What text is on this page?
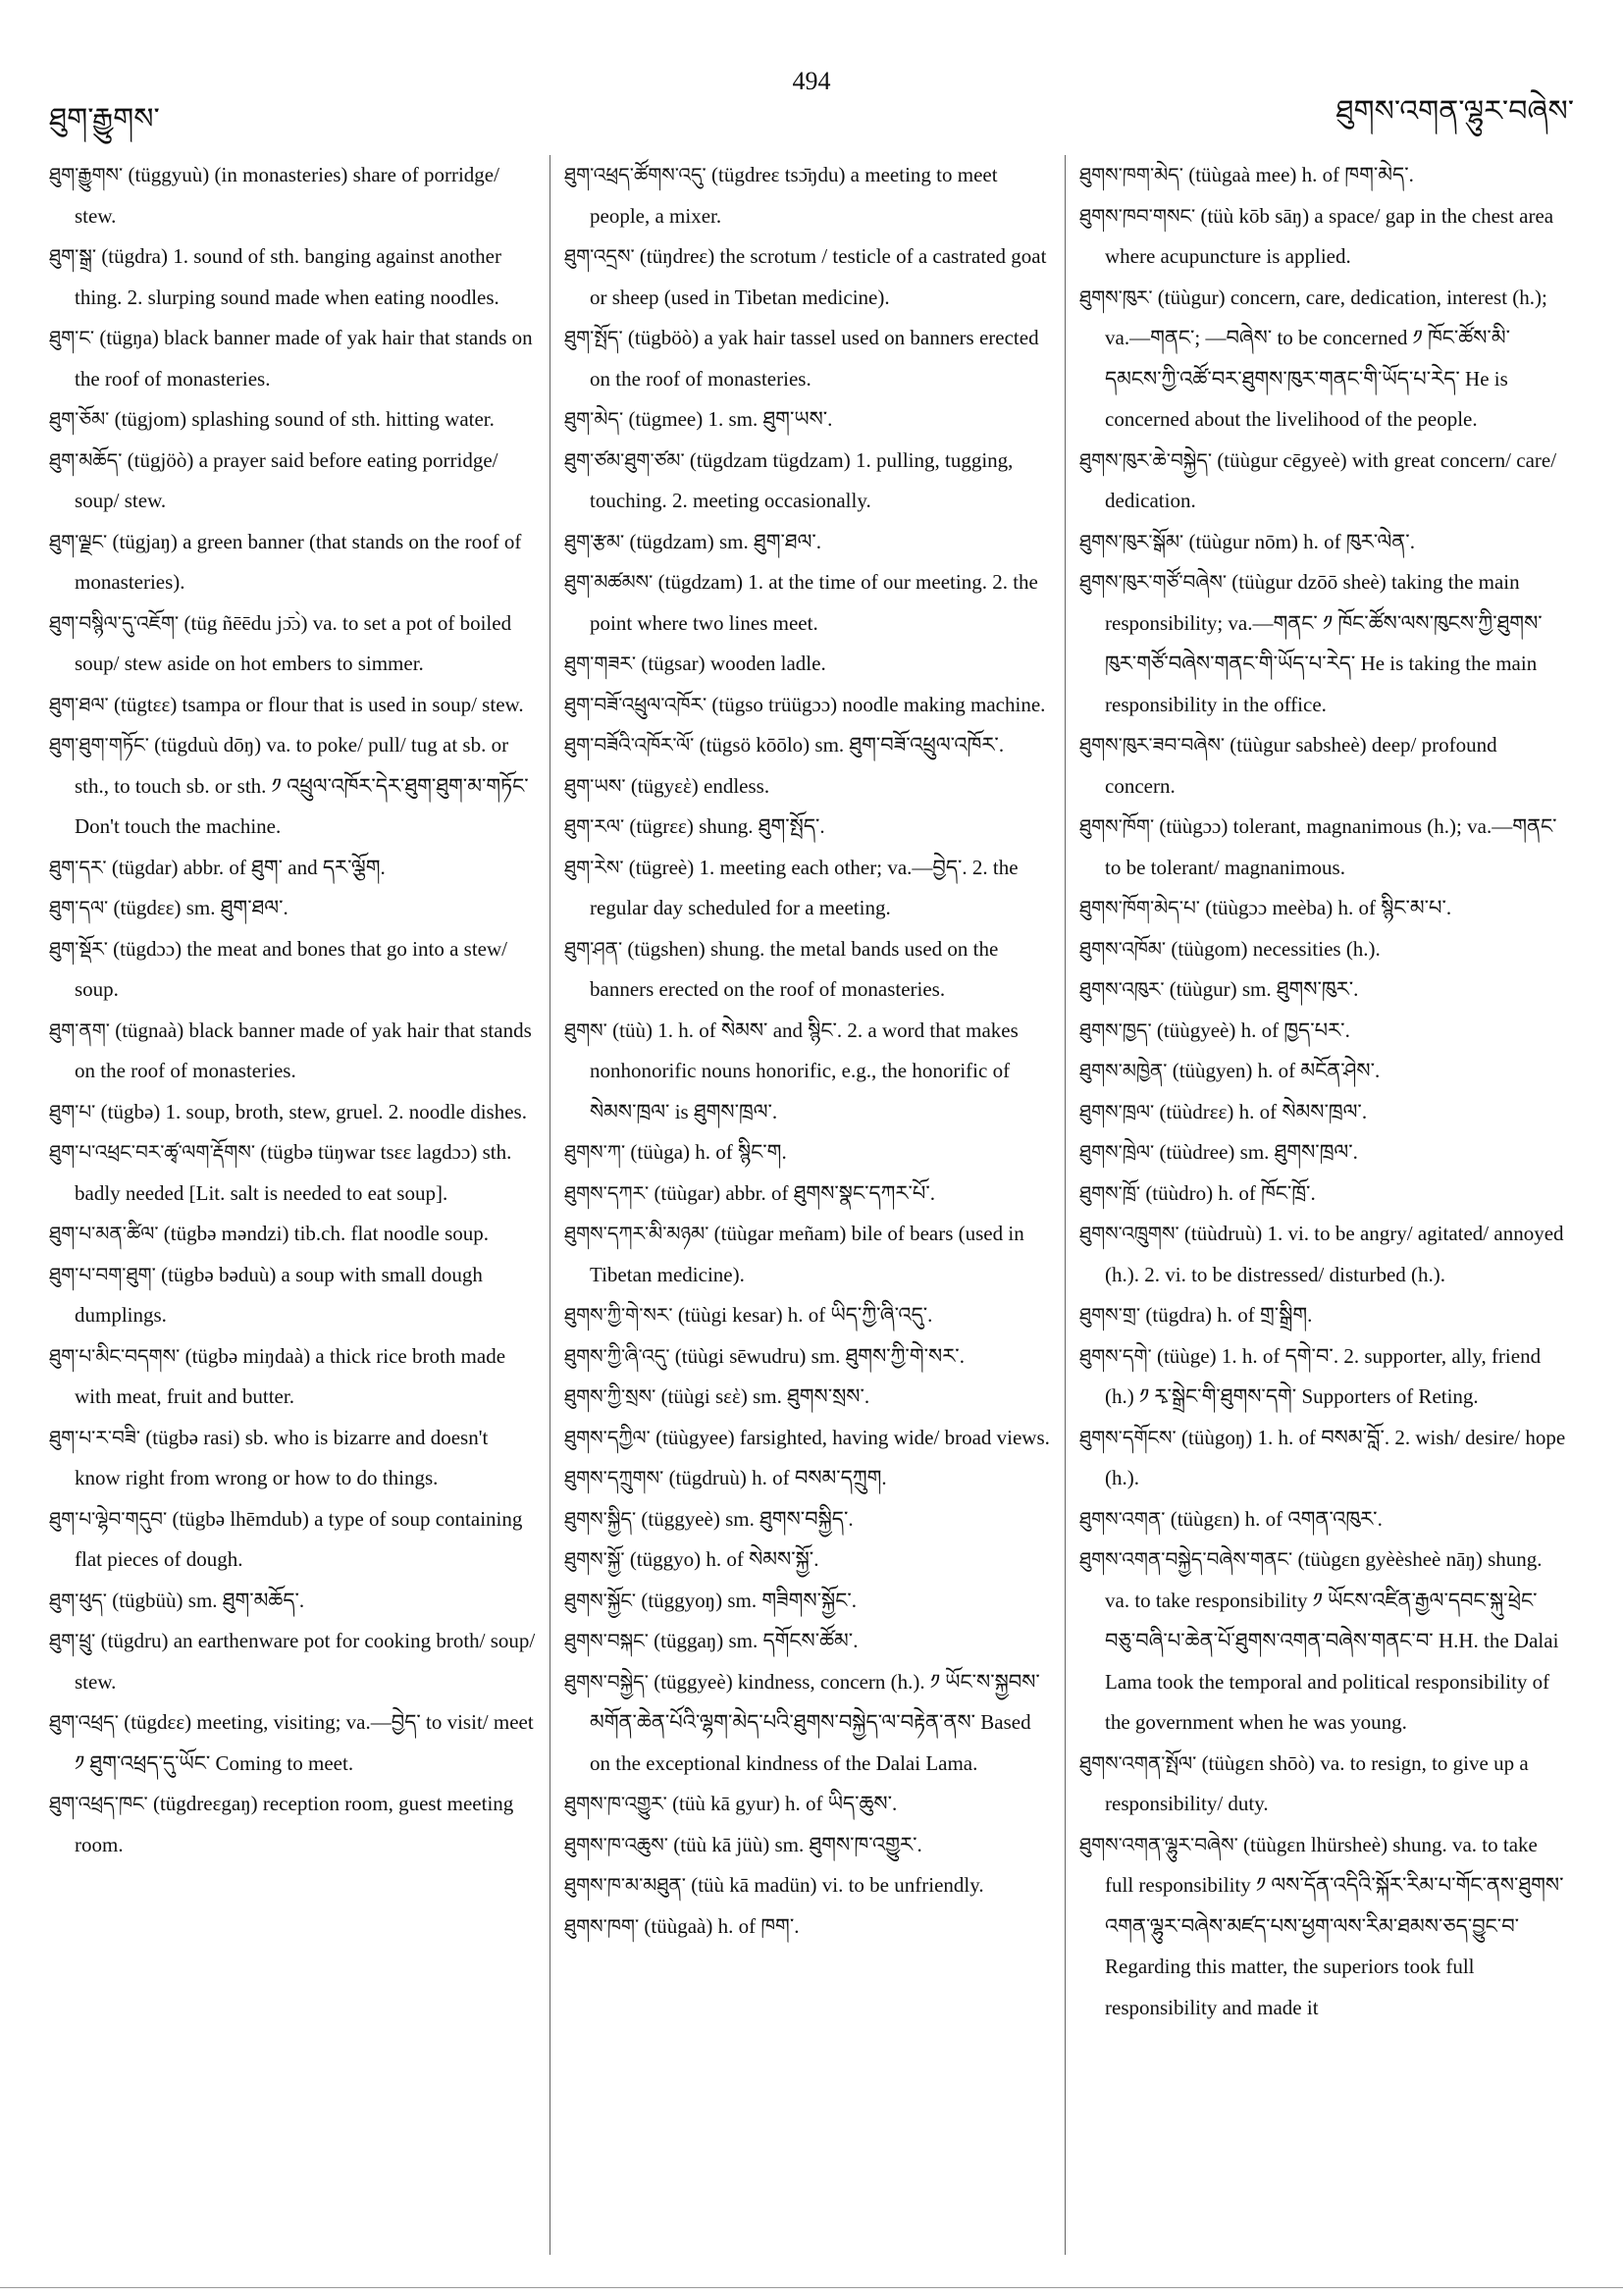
494
ཐུག་རྒྱུགས་	ཐུགས་འགན་ལྷུར་བཞེས་

ཐུག་རྒྱུགས་ (tüggyuù) (in monasteries) share of porridge/ stew.

ཐུག་སྒྲ་ (tügdra) 1. sound of sth. banging against another thing. 2. slurping sound made when eating noodles.

ཐུག་ང་ (tügŋa) black banner made of yak hair that stands on the roof of monasteries.

ཐུག་ཅོམ་ (tügjom) splashing sound of sth. hitting water.

ཐུག་མཆོད་ (tügjöò) a prayer said before eating porridge/ soup/ stew.

ཐུག་ལྗང་ (tügjaŋ) a green banner (that stands on the roof of monasteries).

ཐུག་བསྙིལ་དུ་འཇོག་ (tüg ñēēdu jɔ̄ɔ̀) va. to set a pot of boiled soup/ stew aside on hot embers to simmer.

ཐུག་ཐལ་ (tügtεε) tsampa or flour that is used in soup/ stew.

ཐུག་ཐུག་གཏོང་ (tügduù dōŋ) va. to poke/ pull/ tug at sb. or sth., to touch sb. or sth. ༡ འཕྲུལ་འཁོར་དེར་ཐུག་ཐུག་མ་གཏོང་ Don't touch the machine.

ཐུག་དར་ (tügdar) abbr. of ཐུག་ and དར་ལྕོག.

ཐུག་དལ་ (tügdεε) sm. ཐུག་ཐལ་.

ཐུག་སྡོར་ (tügdɔɔ) the meat and bones that go into a stew/ soup.

ཐུག་ནག་ (tügnaà) black banner made of yak hair that stands on the roof of monasteries.

ཐུག་པ་ (tügbə) 1. soup, broth, stew, gruel. 2. noodle dishes.

ཐུག་པ་འཕྲང་བར་ཚྭ་ལག་རྡོགས་ (tügbə tüŋwar tsεε lagdɔɔ) sth. badly needed [Lit. salt is needed to eat soup].

ཐུག་པ་མན་ཚིལ་ (tügbə məndzi) tib.ch. flat noodle soup.

ཐུག་པ་བག་ཐུག་ (tügbə bəduù) a soup with small dough dumplings.

ཐུག་པ་མིང་བདགས་ (tügbə miŋdaà) a thick rice broth made with meat, fruit and butter.

ཐུག་པ་ར་བཟི་ (tügbə rasi) sb. who is bizarre and doesn't know right from wrong or how to do things.

ཐུག་པ་ལྷེབ་གདུབ་ (tügbə lhēmdub) a type of soup containing flat pieces of dough.

ཐུག་ཕུད་ (tügbüù) sm. ཐུག་མཆོད་.

ཐུག་ཕྲུ་ (tügdru) an earthenware pot for cooking broth/ soup/ stew.

ཐུག་འཕྲད་ (tügdεε) meeting, visiting; va.—བྱེད་ to visit/ meet ༡ ཐུག་འཕྲད་དུ་ཡོང་ Coming to meet.

ཐུག་འཕྲད་ཁང་ (tügdreεgaŋ) reception room, guest meeting room.

ཐུག་འཕྲད་ཚོགས་འདུ་ (tügdreε tsɔ̄ŋdu) a meeting to meet people, a mixer.

ཐུག་འདྲས་ (tüŋdreε) the scrotum / testicle of a castrated goat or sheep (used in Tibetan medicine).

ཐུག་སྤོད་ (tügböò) a yak hair tassel used on banners erected on the roof of monasteries.

ཐུག་མེད་ (tügmee) 1. sm. ཐུག་ཡས་.

ཐུག་ཙམ་ཐུག་ཙམ་ (tügdzam tügdzam) 1. pulling, tugging, touching. 2. meeting occasionally.

ཐུག་རྩམ་ (tügdzam) sm. ཐུག་ཐལ་.

ཐུག་མཚམས་ (tügdzam) 1. at the time of our meeting. 2. the point where two lines meet.

ཐུག་གཟར་ (tügsar) wooden ladle.

ཐུག་བཟོ་འཕྲུལ་འཁོར་ (tügso trüügɔɔ) noodle making machine.

ཐུག་བཟོའི་འཁོར་ལོ་ (tügsö kōōlo) sm. ཐུག་བཟོ་འཕྲུལ་འཁོར་.

ཐུག་ཡས་ (tügyεὲ) endless.

ཐུག་རལ་ (tügrεε) shung. ཐུག་སྤོད་.

ཐུག་རེས་ (tügreè) 1. meeting each other; va.—བྱེད་. 2. the regular day scheduled for a meeting.

ཐུག་ཤན་ (tügshen) shung. the metal bands used on the banners erected on the roof of monasteries.

ཐུགས་ (tüù) 1. h. of སེམས་ and སྙིང་. 2. a word that makes nonhonorific nouns honorific, e.g., the honorific of སེམས་ཁྲལ་ is ཐུགས་ཁྲལ་.

ཐུགས་ཀ་ (tüùga) h. of སྙིང་ག.

ཐུགས་དཀར་ (tüùgar) abbr. of ཐུགས་སྣང་དཀར་པོ་.

ཐུགས་དཀར་མི་མཉམ་ (tüùgar meñam) bile of bears (used in Tibetan medicine).

ཐུགས་ཀྱི་གེ་སར་ (tüùgi kesar) h. of ཡིད་ཀྱི་ཞི་འདུ་.

ཐུགས་ཀྱི་ཞི་འདུ་ (tüùgi sēwudru) sm. ཐུགས་ཀྱི་གེ་སར་.

ཐུགས་ཀྱི་སྲས་ (tüùgi sεὲ) sm. ཐུགས་སྲས་.

ཐུགས་དཀྱིལ་ (tüùgyee) farsighted, having wide/ broad views.

ཐུགས་དཀྲུགས་ (tügdruù) h. of བསམ་དཀྲུག.

ཐུགས་སྐྱིད་ (tüggyeè) sm. ཐུགས་བསྐྱིད་.

ཐུགས་སྐྱོ་ (tüggyo) h. of སེམས་སྐྱོ་.

ཐུགས་སྐྱོང་ (tüggyoŋ) sm. གཟིགས་སྐྱོང་.

ཐུགས་བསྐང་ (tüggaŋ) sm. དགོངས་ཚོམ་.

ཐུགས་བསྐྱེད་ (tüggyeè) kindness, concern (h.). ༡ ཡོང་ས་སྐྱབས་མགོན་ཆེན་པོའི་ལྷག་མེད་པའི་ཐུགས་བསྐྱེད་ལ་བརྟེན་ནས་ Based on the exceptional kindness of the Dalai Lama.

ཐུགས་ཁ་འགྱུར་ (tüù kā gyur) h. of ཡིད་ཆུས་.

ཐུགས་ཁ་འཆུས་ (tüù kā jüù) sm. ཐུགས་ཁ་འགྱུར་.

ཐུགས་ཁ་མ་མཐུན་ (tüù kā madün) vi. to be unfriendly.

ཐུགས་ཁག་ (tüùgaà) h. of ཁག་.

ཐུགས་ཁག་མེད་ (tüùgaà mee) h. of ཁག་མེད་.

ཐུགས་ཁབ་གསང་ (tüù kōb sāŋ) a space/ gap in the chest area where acupuncture is applied.

ཐུགས་ཁུར་ (tüùgur) concern, care, dedication, interest (h.); va.—གནང་; —བཞེས་ to be concerned ༡ ཁོང་ཚོས་མི་དམངས་ཀྱི་འཚོ་བར་ཐུགས་ཁུར་གནང་གི་ཡོད་པ་རེད་ He is concerned about the livelihood of the people.

ཐུགས་ཁུར་ཆེ་བསྐྱེད་ (tüùgur cēgyeè) with great concern/ care/ dedication.

ཐུགས་ཁུར་སྒོམ་ (tüùgur nōm) h. of ཁུར་ལེན་.

ཐུགས་ཁུར་གཙོ་བཞེས་ (tüùgur dzōō sheè) taking the main responsibility; va.—གནང་ ༡ ཁོང་ཚོས་ལས་ཁུངས་ཀྱི་ཐུགས་ཁུར་གཙོ་བཞེས་གནང་གི་ཡོད་པ་རེད་ He is taking the main responsibility in the office.

ཐུགས་ཁུར་ཟབ་བཞེས་ (tüùgur sabsheè) deep/ profound concern.

ཐུགས་ཁོག་ (tüùgɔɔ) tolerant, magnanimous (h.); va.—གནང་ to be tolerant/ magnanimous.

ཐུགས་ཁོག་མེད་པ་ (tüùgɔɔ meèba) h. of སྙིང་མ་པ་.

ཐུགས་འཁོམ་ (tüùgom) necessities (h.).

ཐུགས་འཁུར་ (tüùgur) sm. ཐུགས་ཁུར་.

ཐུགས་ཁྱད་ (tüùgyeè) h. of ཁྱད་པར་.

ཐུགས་མཁྱེན་ (tüùgyen) h. of མངོན་ཤེས་.

ཐུགས་ཁྲལ་ (tüùdrεε) h. of སེམས་ཁྲལ་.

ཐུགས་ཁྲེལ་ (tüùdree) sm. ཐུགས་ཁྲལ་.

ཐུགས་ཁྲོ་ (tüùdro) h. of ཁོང་ཁྲོ་.

ཐུགས་འཁྲུགས་ (tüùdruù) 1. vi. to be angry/ agitated/ annoyed (h.). 2. vi. to be distressed/ disturbed (h.).

ཐུགས་གྲ་ (tügdra) h. of གྲ་སྒྲིག.

ཐུགས་དགེ་ (tüùge) 1. h. of དགེ་བ་. 2. supporter, ally, friend (h.) ༡ རྭ་སྒྲེང་གི་ཐུགས་དགེ་ Supporters of Reting.

ཐུགས་དགོངས་ (tüùgoŋ) 1. h. of བསམ་བློ་. 2. wish/ desire/ hope (h.).

ཐུགས་འགན་ (tüùgεn) h. of འགན་འཁུར་.

ཐུགས་འགན་བསྐྱེད་བཞེས་གནང་ (tüùgεn gyèèsheè nāŋ) shung. va. to take responsibility ༡ ཡོངས་འཛིན་རྒྱལ་དབང་སྐུ་ཕྲེང་བཅུ་བཞི་པ་ཆེན་པོ་ཐུགས་འགན་བཞེས་གནང་བ་ H.H. the Dalai Lama took the temporal and political responsibility of the government when he was young.

ཐུགས་འགན་སྤོལ་ (tüùgεn shōò) va. to resign, to give up a responsibility/ duty.

ཐུགས་འགན་ལྷུར་བཞེས་ (tüùgεn lhürsheè) shung. va. to take full responsibility ༡ ལས་དོན་འདིའི་སྐོར་རིམ་པ་གོང་ནས་ཐུགས་འགན་ལྷུར་བཞེས་མཛད་པས་ཕྱག་ལས་རིམ་ཐམས་ཅད་བྱུང་བ་ Regarding this matter, the superiors took full responsibility and made it
